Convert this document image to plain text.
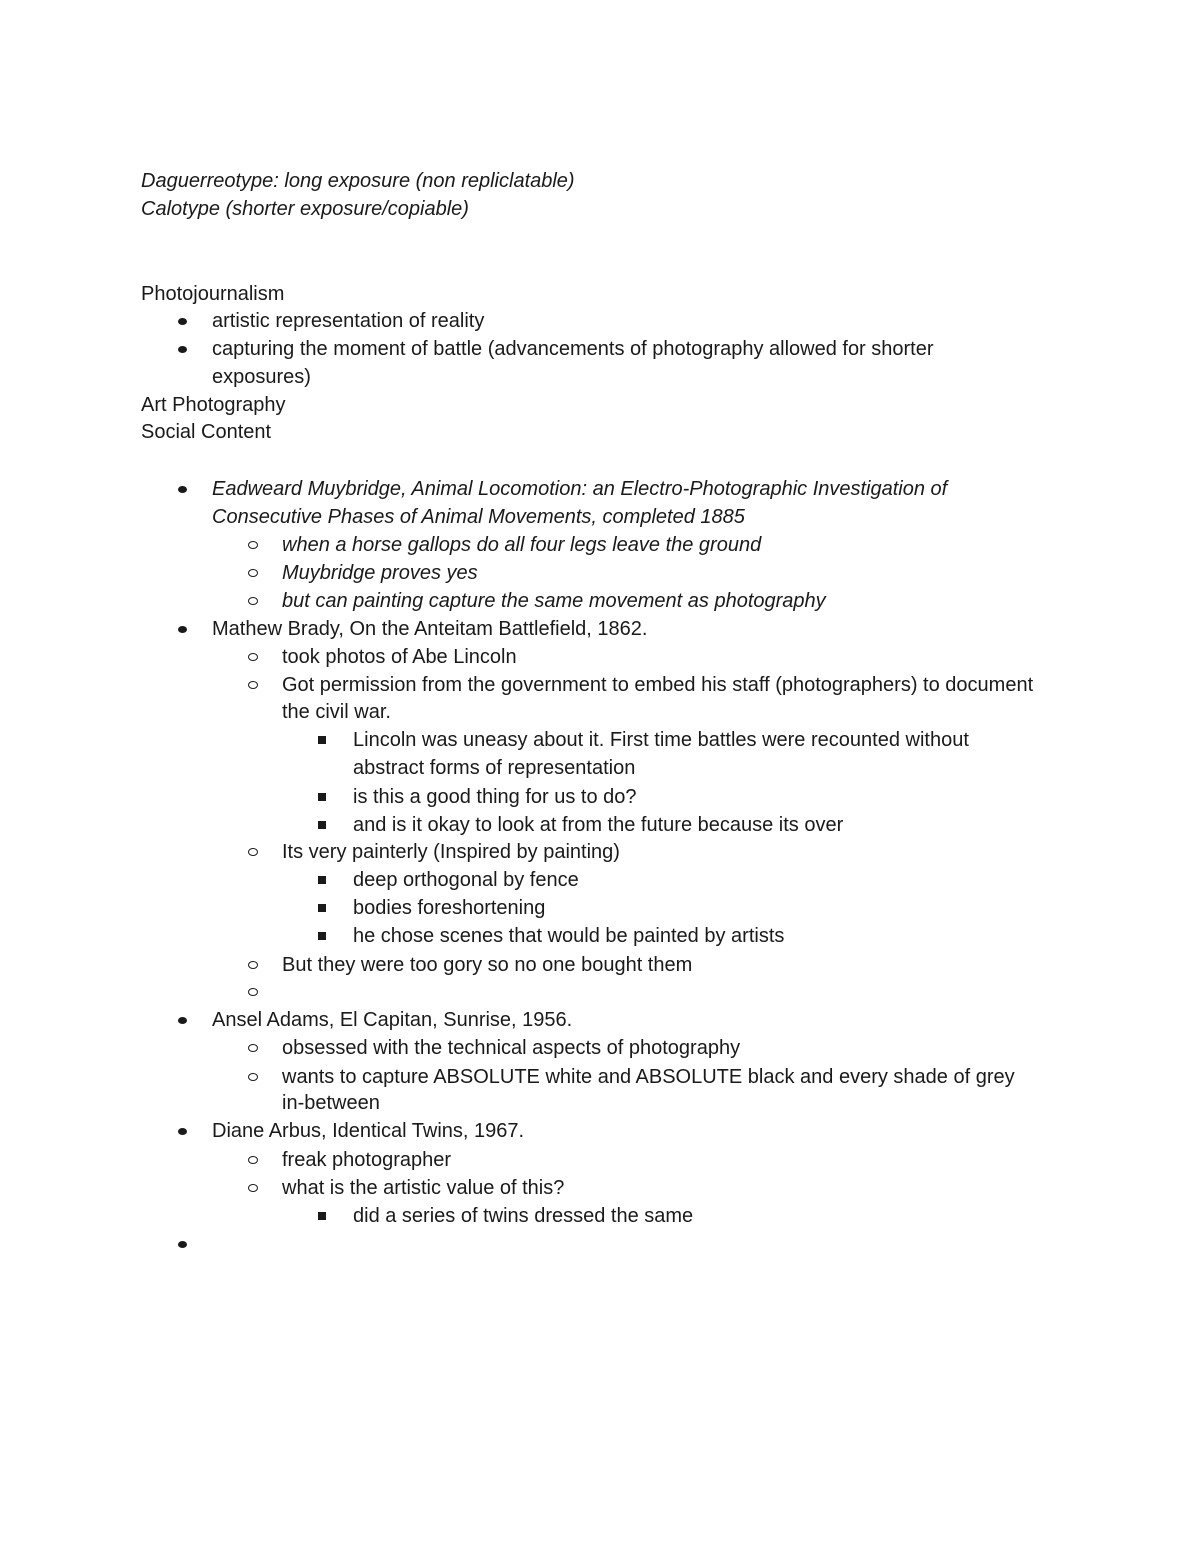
Daguerreotype: long exposure (non repliclatable)
Calotype (shorter exposure/copiable)
Photojournalism
artistic representation of reality
capturing the moment of battle (advancements of photography allowed for shorter
exposures)
Art Photography
Social Content
Eadweard Muybridge, Animal Locomotion: an Electro-Photographic Investigation of
Consecutive Phases of Animal Movements, completed 1885
when a horse gallops do all four legs leave the ground
Muybridge proves yes
but can painting capture the same movement as photography
Mathew Brady, On the Anteitam Battlefield, 1862.
took photos of Abe Lincoln
Got permission from the government to embed his staff (photographers) to document
the civil war.
Lincoln was uneasy about it. First time battles were recounted without
abstract forms of representation
is this a good thing for us to do?
and is it okay to look at from the future because its over
Its very painterly (Inspired by painting)
deep orthogonal by fence
bodies foreshortening
he chose scenes that would be painted by artists
But they were too gory so no one bought them
Ansel Adams, El Capitan, Sunrise, 1956.
obsessed with the technical aspects of photography
wants to capture ABSOLUTE white and ABSOLUTE black and every shade of grey
in-between
Diane Arbus, Identical Twins, 1967.
freak photographer
what is the artistic value of this?
did a series of twins dressed the same
